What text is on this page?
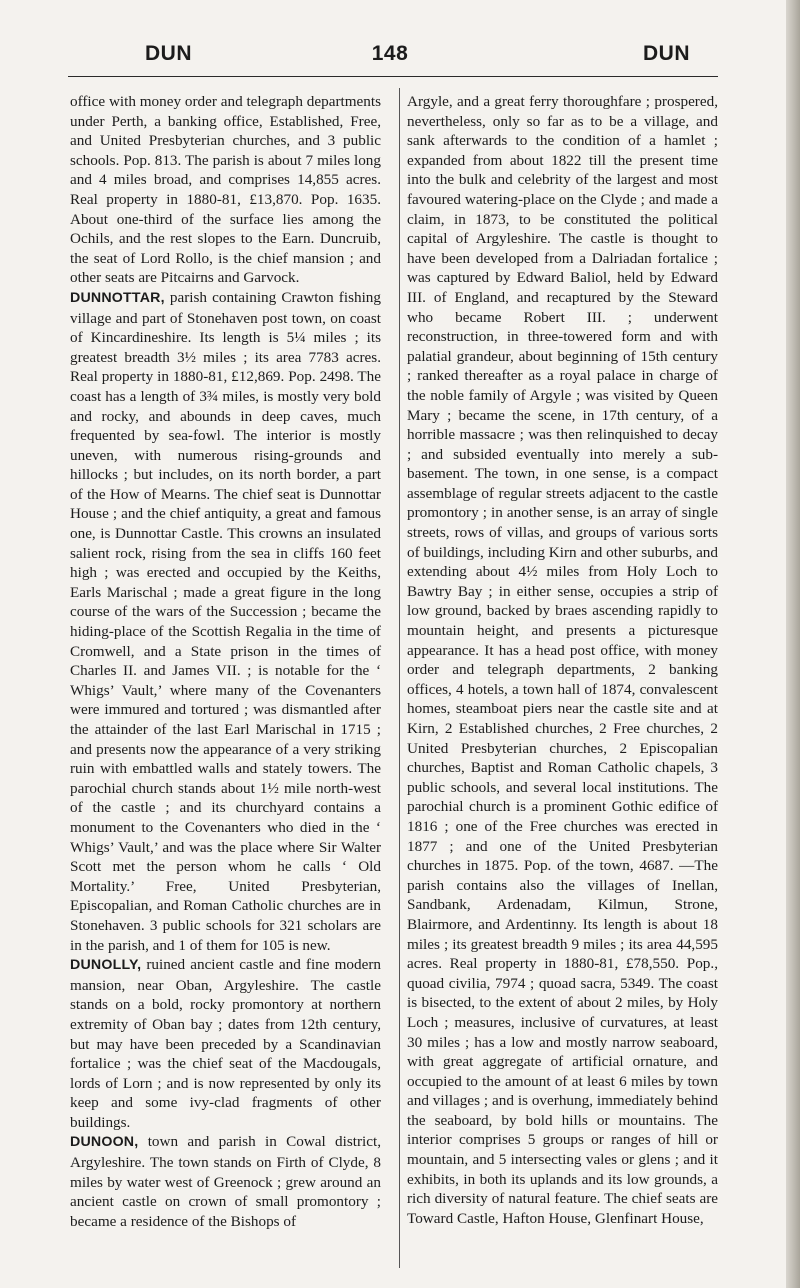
DUN	148	DUN

office with money order and telegraph departments under Perth, a banking office, Established, Free, and United Presbyterian churches, and 3 public schools. Pop. 813. The parish is about 7 miles long and 4 miles broad, and comprises 14,855 acres. Real property in 1880-81, £13,870. Pop. 1635. About one-third of the surface lies among the Ochils, and the rest slopes to the Earn. Duncruib, the seat of Lord Rollo, is the chief mansion ; and other seats are Pitcairns and Garvock.

DUNNOTTAR, parish containing Crawton fishing village and part of Stonehaven post town, on coast of Kincardineshire. Its length is 5¼ miles ; its greatest breadth 3½ miles ; its area 7783 acres. Real property in 1880-81, £12,869. Pop. 2498. The coast has a length of 3¾ miles, is mostly very bold and rocky, and abounds in deep caves, much frequented by sea-fowl. The interior is mostly uneven, with numerous rising-grounds and hillocks ; but includes, on its north border, a part of the How of Mearns. The chief seat is Dunnottar House ; and the chief antiquity, a great and famous one, is Dunnottar Castle. This crowns an insulated salient rock, rising from the sea in cliffs 160 feet high ; was erected and occupied by the Keiths, Earls Marischal ; made a great figure in the long course of the wars of the Succession ; became the hiding-place of the Scottish Regalia in the time of Cromwell, and a State prison in the times of Charles II. and James VII. ; is notable for the ‘ Whigs’ Vault,’ where many of the Covenanters were immured and tortured ; was dismantled after the attainder of the last Earl Marischal in 1715 ; and presents now the appearance of a very striking ruin with embattled walls and stately towers. The parochial church stands about 1½ mile north-west of the castle ; and its churchyard contains a monument to the Covenanters who died in the ‘ Whigs’ Vault,’ and was the place where Sir Walter Scott met the person whom he calls ‘ Old Mortality.’ Free, United Presbyterian, Episcopalian, and Roman Catholic churches are in Stonehaven. 3 public schools for 321 scholars are in the parish, and 1 of them for 105 is new.

DUNOLLY, ruined ancient castle and fine modern mansion, near Oban, Argyleshire. The castle stands on a bold, rocky promontory at northern extremity of Oban bay ; dates from 12th century, but may have been preceded by a Scandinavian fortalice ; was the chief seat of the Macdougals, lords of Lorn ; and is now represented by only its keep and some ivy-clad fragments of other buildings.

DUNOON, town and parish in Cowal district, Argyleshire. The town stands on Firth of Clyde, 8 miles by water west of Greenock ; grew around an ancient castle on crown of small promontory ; became a residence of the Bishops of

Argyle, and a great ferry thoroughfare ; prospered, nevertheless, only so far as to be a village, and sank afterwards to the condition of a hamlet ; expanded from about 1822 till the present time into the bulk and celebrity of the largest and most favoured watering-place on the Clyde ; and made a claim, in 1873, to be constituted the political capital of Argyleshire. The castle is thought to have been developed from a Dalriadan fortalice ; was captured by Edward Baliol, held by Edward III. of England, and recaptured by the Steward who became Robert III. ; underwent reconstruction, in three-towered form and with palatial grandeur, about beginning of 15th century ; ranked thereafter as a royal palace in charge of the noble family of Argyle ; was visited by Queen Mary ; became the scene, in 17th century, of a horrible massacre ; was then relinquished to decay ; and subsided eventually into merely a sub-basement. The town, in one sense, is a compact assemblage of regular streets adjacent to the castle promontory ; in another sense, is an array of single streets, rows of villas, and groups of various sorts of buildings, including Kirn and other suburbs, and extending about 4½ miles from Holy Loch to Bawtry Bay ; in either sense, occupies a strip of low ground, backed by braes ascending rapidly to mountain height, and presents a picturesque appearance. It has a head post office, with money order and telegraph departments, 2 banking offices, 4 hotels, a town hall of 1874, convalescent homes, steamboat piers near the castle site and at Kirn, 2 Established churches, 2 Free churches, 2 United Presbyterian churches, 2 Episcopalian churches, Baptist and Roman Catholic chapels, 3 public schools, and several local institutions. The parochial church is a prominent Gothic edifice of 1816 ; one of the Free churches was erected in 1877 ; and one of the United Presbyterian churches in 1875. Pop. of the town, 4687. —The parish contains also the villages of Inellan, Sandbank, Ardenadam, Kilmun, Strone, Blairmore, and Ardentinny. Its length is about 18 miles ; its greatest breadth 9 miles ; its area 44,595 acres. Real property in 1880-81, £78,550. Pop., quoad civilia, 7974 ; quoad sacra, 5349. The coast is bisected, to the extent of about 2 miles, by Holy Loch ; measures, inclusive of curvatures, at least 30 miles ; has a low and mostly narrow seaboard, with great aggregate of artificial ornature, and occupied to the amount of at least 6 miles by town and villages ; and is overhung, immediately behind the seaboard, by bold hills or mountains. The interior comprises 5 groups or ranges of hill or mountain, and 5 intersecting vales or glens ; and it exhibits, in both its uplands and its low grounds, a rich diversity of natural feature. The chief seats are Toward Castle, Hafton House, Glenfinart House,
